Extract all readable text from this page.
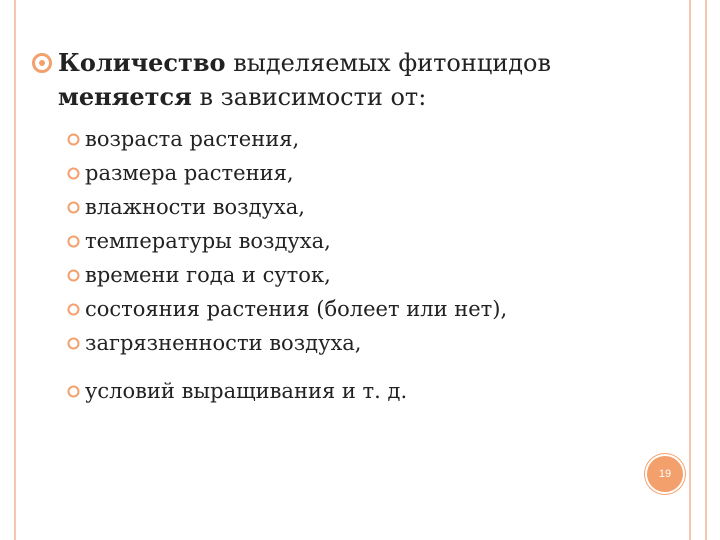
Количество выделяемых фитонцидов
меняется в зависимости от:
возраста растения,
размера растения,
влажности воздуха,
температуры воздуха,
времени года и суток,
состояния растения (болеет или нет),
загрязненности воздуха,
условий выращивания и т. д.
19
